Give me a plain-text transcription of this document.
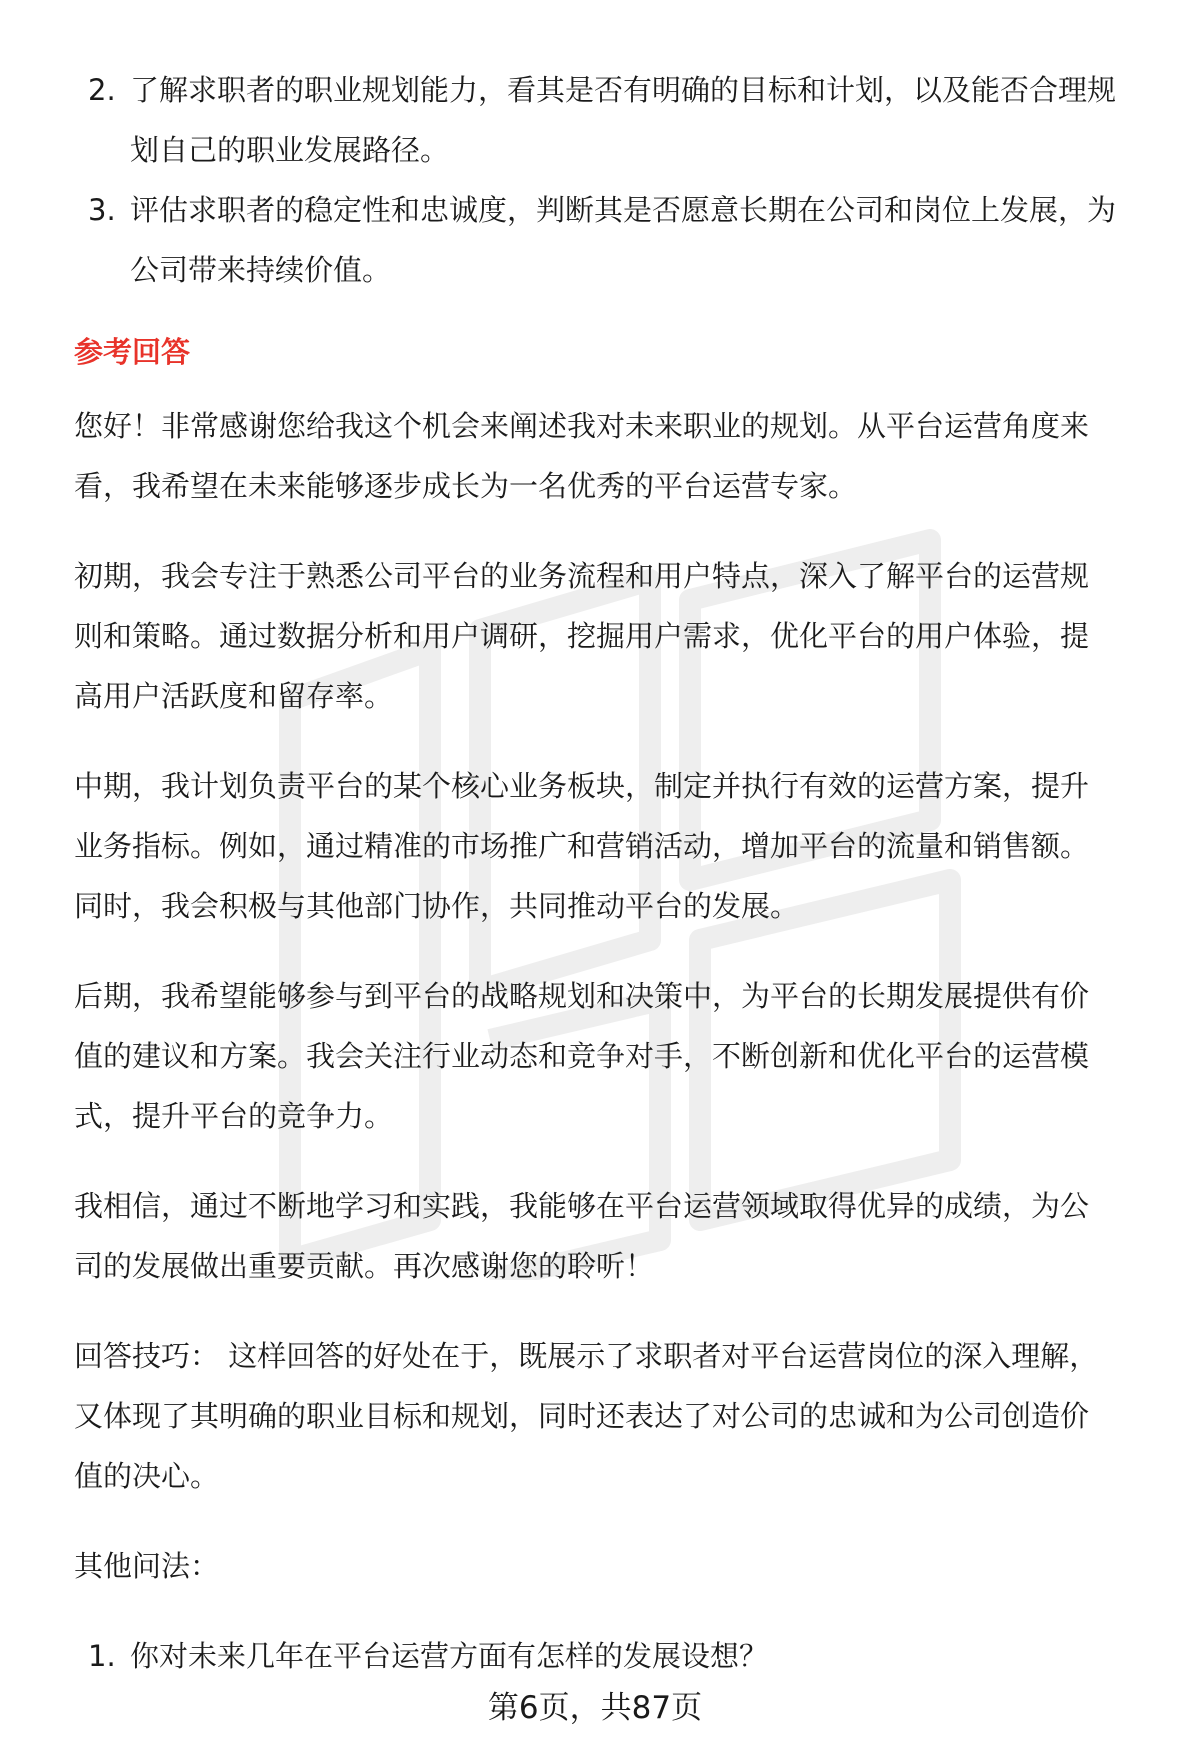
2. 了解求职者的职业规划能力，看其是否有明确的目标和计划，以及能否合理规划自己的职业发展路径。
3. 评估求职者的稳定性和忠诚度，判断其是否愿意长期在公司和岗位上发展，为公司带来持续价值。
参考回答

您好！非常感谢您给我这个机会来阐述我对未来职业的规划。从平台运营角度来看，我希望在未来能够逐步成长为一名优秀的平台运营专家。

初期，我会专注于熟悉公司平台的业务流程和用户特点，深入了解平台的运营规则和策略。通过数据分析和用户调研，挖掘用户需求，优化平台的用户体验，提高用户活跃度和留存率。

中期，我计划负责平台的某个核心业务板块，制定并执行有效的运营方案，提升业务指标。例如，通过精准的市场推广和营销活动，增加平台的流量和销售额。同时，我会积极与其他部门协作，共同推动平台的发展。

后期，我希望能够参与到平台的战略规划和决策中，为平台的长期发展提供有价值的建议和方案。我会关注行业动态和竞争对手，不断创新和优化平台的运营模式，提升平台的竞争力。

我相信，通过不断地学习和实践，我能够在平台运营领域取得优异的成绩，为公司的发展做出重要贡献。再次感谢您的聆听！

回答技巧： 这样回答的好处在于，既展示了求职者对平台运营岗位的深入理解，又体现了其明确的职业目标和规划，同时还表达了对公司的忠诚和为公司创造价值的决心。

其他问法：

1. 你对未来几年在平台运营方面有怎样的发展设想？
第6页，共87页
